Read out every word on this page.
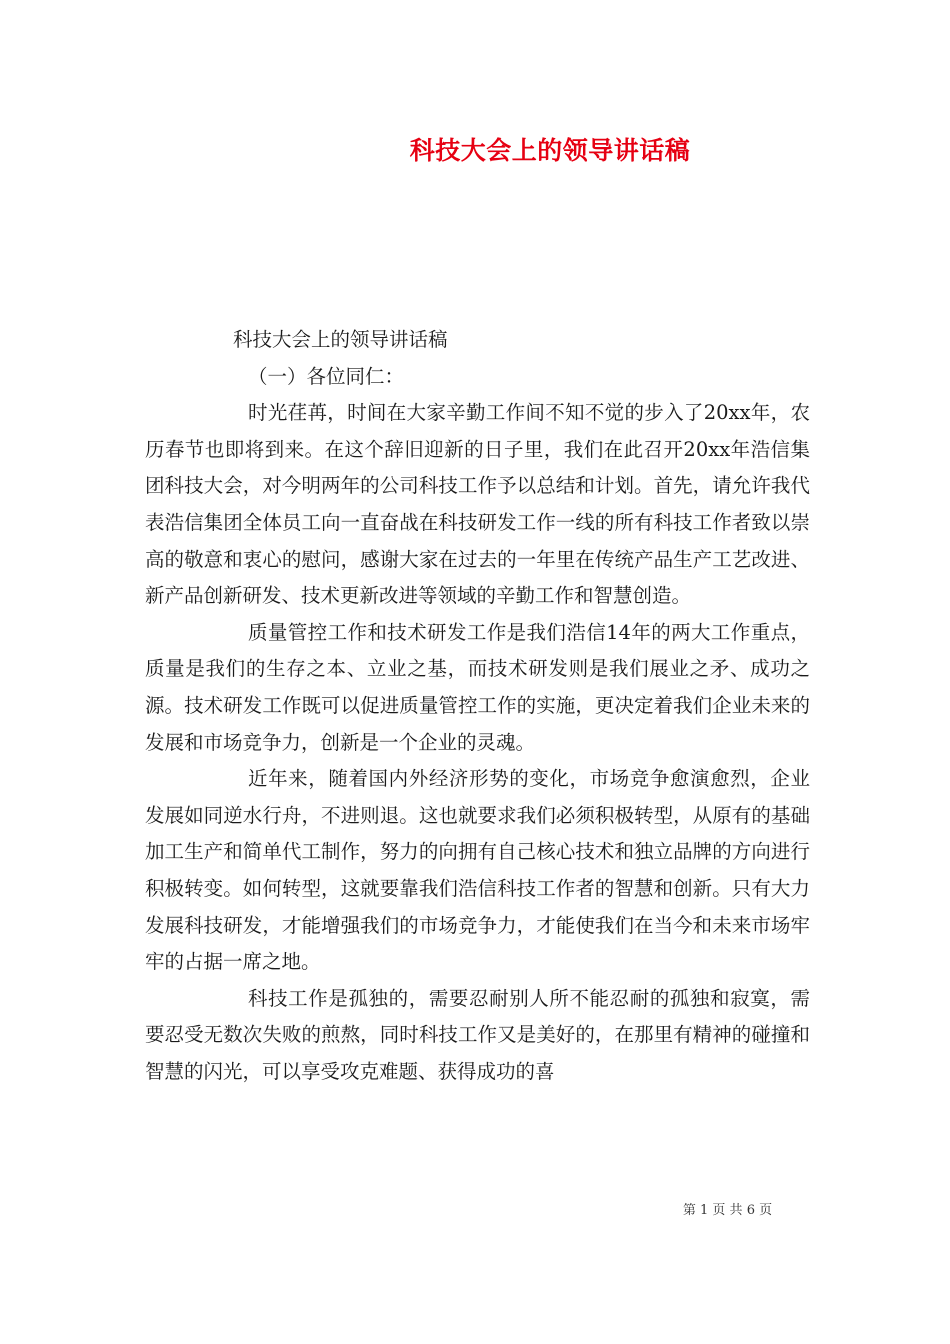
科技大会上的领导讲话稿

科技大会上的领导讲话稿

（一）各位同仁：

时光荏苒，时间在大家辛勤工作间不知不觉的步入了20xx年，农历春节也即将到来。在这个辞旧迎新的日子里，我们在此召开20xx年浩信集团科技大会，对今明两年的公司科技工作予以总结和计划。首先，请允许我代表浩信集团全体员工向一直奋战在科技研发工作一线的所有科技工作者致以崇高的敬意和衷心的慰问，感谢大家在过去的一年里在传统产品生产工艺改进、新产品创新研发、技术更新改进等领域的辛勤工作和智慧创造。

质量管控工作和技术研发工作是我们浩信14年的两大工作重点，质量是我们的生存之本、立业之基，而技术研发则是我们展业之矛、成功之源。技术研发工作既可以促进质量管控工作的实施，更决定着我们企业未来的发展和市场竞争力，创新是一个企业的灵魂。

近年来，随着国内外经济形势的变化，市场竞争愈演愈烈，企业发展如同逆水行舟，不进则退。这也就要求我们必须积极转型，从原有的基础加工生产和简单代工制作，努力的向拥有自己核心技术和独立品牌的方向进行积极转变。如何转型，这就要靠我们浩信科技工作者的智慧和创新。只有大力发展科技研发，才能增强我们的市场竞争力，才能使我们在当今和未来市场牢牢的占据一席之地。

科技工作是孤独的，需要忍耐别人所不能忍耐的孤独和寂寞，需要忍受无数次失败的煎熬，同时科技工作又是美好的，在那里有精神的碰撞和智慧的闪光，可以享受攻克难题、获得成功的喜

第 1 页 共 6 页
